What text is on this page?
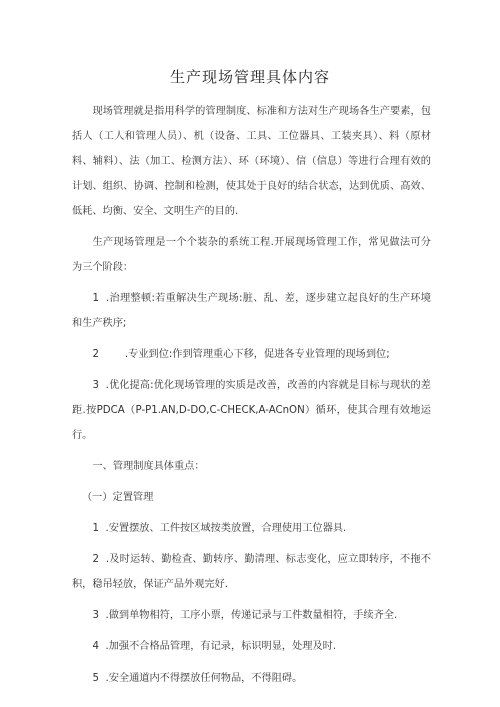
生产现场管理具体内容

现场管理就是指用科学的管理制度、标准和方法对生产现场各生产要素，包括人（工人和管理人员）、机（设备、工具、工位器具、工装夹具）、料（原材料、辅料）、法（加工、检测方法）、环（环境）、信（信息）等进行合理有效的计划、组织、协调、控制和检测，使其处于良好的结合状态，达到优质、高效、低耗、均衡、安全、文明生产的目的.

生产现场管理是一个个装杂的系统工程.开展现场管理工作，常见做法可分为三个阶段：

1  .治理整顿:若重解决生产现场:脏、乱、差，逐步建立起良好的生产环境和生产秩序;

2        .专业到位:作到管理重心下移，促进各专业管理的现场到位;

3  .优化提高:优化现场管理的实质是改善，改善的内容就是目标与现状的差距.按PDCA（P-P1.AN,D-DO,C-CHECK,A-ACnON）循环，使其合理有效地运行。

一、管理制度具体重点：

（一）定置管理

1  .安置摆放、工件按区域按类放置，合理使用工位器具.

2  .及时运转、勤检查、勤转序、勤清理、标志变化，应立即转序，不拖不积，稳吊轻放，保证产品外观完好.

3  .做到单物相符，工序小票，传递记录与工件数量相符，手续齐全.

4  .加强不合格品管理，有记录，标识明显，处理及时.

5  .安全通道内不得摆放任何物品，不得阻碍。
